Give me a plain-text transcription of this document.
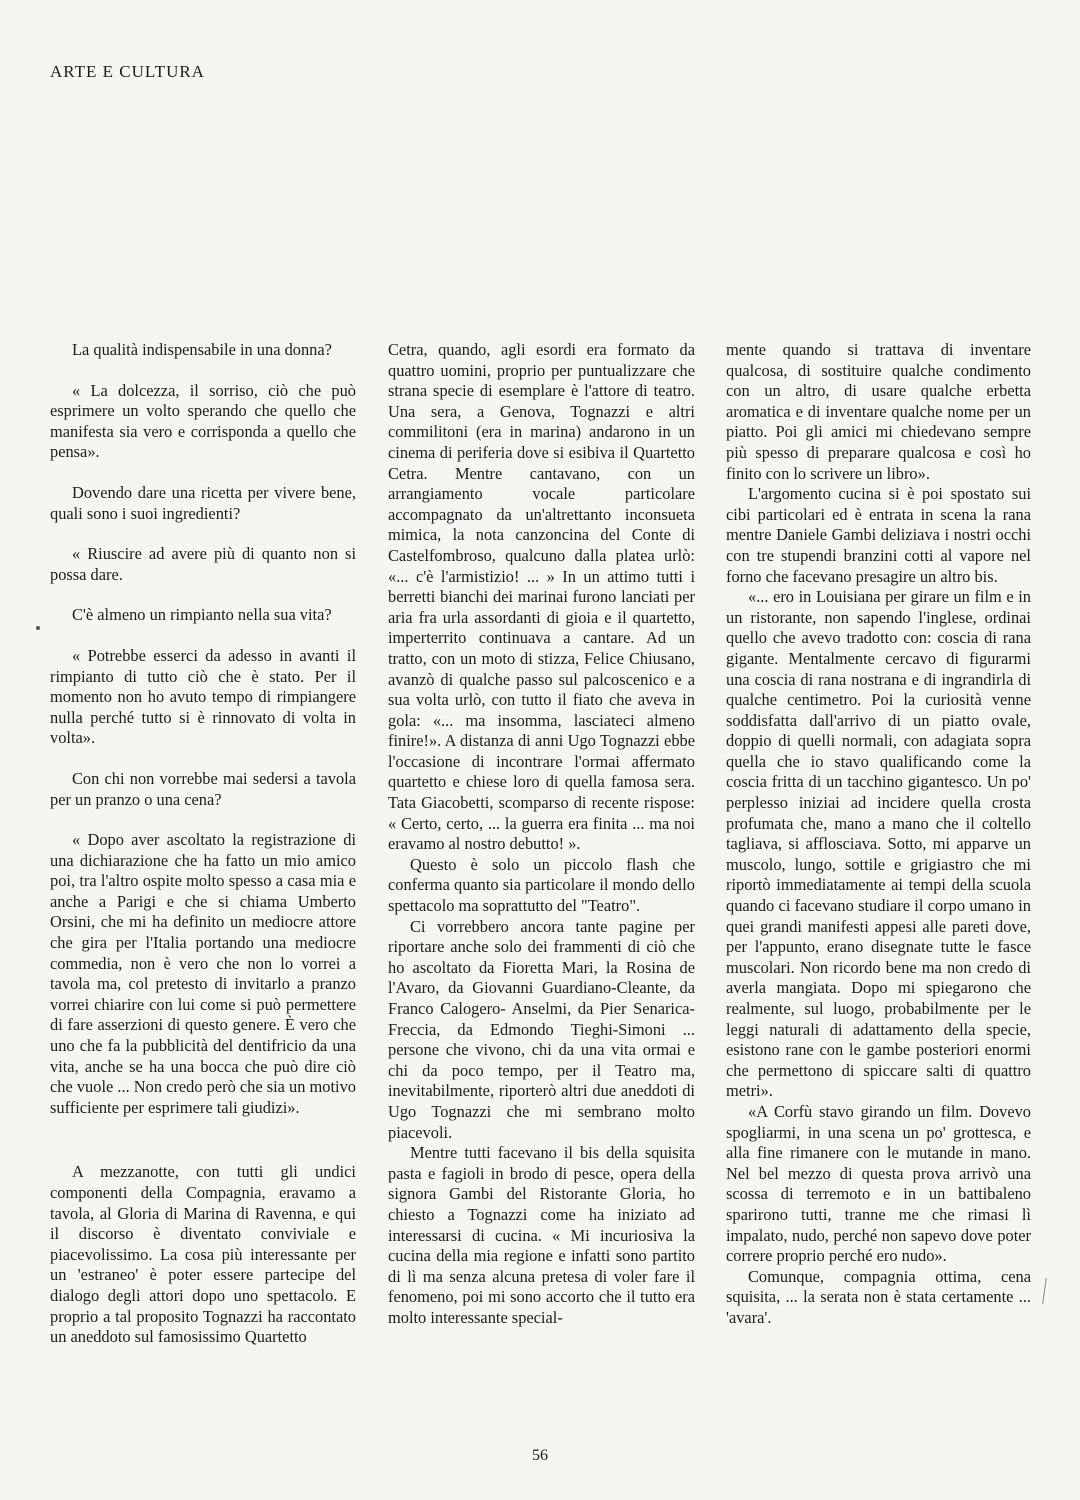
ARTE E CULTURA

La qualità indispensabile in una donna?

« La dolcezza, il sorriso, ciò che può esprimere un volto sperando che quello che manifesta sia vero e corrisponda a quello che pensa».

Dovendo dare una ricetta per vivere bene, quali sono i suoi ingredienti?

« Riuscire ad avere più di quanto non si possa dare.

C'è almeno un rimpianto nella sua vita?

« Potrebbe esserci da adesso in avanti il rimpianto di tutto ciò che è stato. Per il momento non ho avuto tempo di rimpiangere nulla perché tutto si è rinnovato di volta in volta».

Con chi non vorrebbe mai sedersi a tavola per un pranzo o una cena?

« Dopo aver ascoltato la registrazione di una dichiarazione che ha fatto un mio amico poi, tra l'altro ospite molto spesso a casa mia e anche a Parigi e che si chiama Umberto Orsini, che mi ha definito un mediocre attore che gira per l'Italia portando una mediocre commedia, non è vero che non lo vorrei a tavola ma, col pretesto di invitarlo a pranzo vorrei chiarire con lui come si può permettere di fare asserzioni di questo genere. È vero che uno che fa la pubblicità del dentifricio da una vita, anche se ha una bocca che può dire ciò che vuole ... Non credo però che sia un motivo sufficiente per esprimere tali giudizi».

A mezzanotte, con tutti gli undici componenti della Compagnia, eravamo a tavola, al Gloria di Marina di Ravenna, e qui il discorso è diventato conviviale e piacevolissimo. La cosa più interessante per un 'estraneo' è poter essere partecipe del dialogo degli attori dopo uno spettacolo. E proprio a tal proposito Tognazzi ha raccontato un aneddoto sul famosissimo Quartetto

Cetra, quando, agli esordi era formato da quattro uomini, proprio per puntualizzare che strana specie di esemplare è l'attore di teatro. Una sera, a Genova, Tognazzi e altri commilitoni (era in marina) andarono in un cinema di periferia dove si esibiva il Quartetto Cetra. Mentre cantavano, con un arrangiamento vocale particolare accompagnato da un'altrettanto inconsueta mimica, la nota canzoncina del Conte di Castelfombroso, qualcuno dalla platea urlò: «... c'è l'armistizio! ... » In un attimo tutti i berretti bianchi dei marinai furono lanciati per aria fra urla assordanti di gioia e il quartetto, imperterrito continuava a cantare. Ad un tratto, con un moto di stizza, Felice Chiusano, avanzò di qualche passo sul palcoscenico e a sua volta urlò, con tutto il fiato che aveva in gola: «... ma insomma, lasciateci almeno finire!». A distanza di anni Ugo Tognazzi ebbe l'occasione di incontrare l'ormai affermato quartetto e chiese loro di quella famosa sera. Tata Giacobetti, scomparso di recente rispose: « Certo, certo, ... la guerra era finita ... ma noi eravamo al nostro debutto! ».

Questo è solo un piccolo flash che conferma quanto sia particolare il mondo dello spettacolo ma soprattutto del "Teatro".

Ci vorrebbero ancora tante pagine per riportare anche solo dei frammenti di ciò che ho ascoltato da Fioretta Mari, la Rosina de l'Avaro, da Giovanni Guardiano-Cleante, da Franco Calogero- Anselmi, da Pier Senarica-Freccia, da Edmondo Tieghi-Simoni ... persone che vivono, chi da una vita ormai e chi da poco tempo, per il Teatro ma, inevitabilmente, riporterò altri due aneddoti di Ugo Tognazzi che mi sembrano molto piacevoli.

Mentre tutti facevano il bis della squisita pasta e fagioli in brodo di pesce, opera della signora Gambi del Ristorante Gloria, ho chiesto a Tognazzi come ha iniziato ad interessarsi di cucina. « Mi incuriosiva la cucina della mia regione e infatti sono partito di lì ma senza alcuna pretesa di voler fare il fenomeno, poi mi sono accorto che il tutto era molto interessante special-

mente quando si trattava di inventare qualcosa, di sostituire qualche condimento con un altro, di usare qualche erbetta aromatica e di inventare qualche nome per un piatto. Poi gli amici mi chiedevano sempre più spesso di preparare qualcosa e così ho finito con lo scrivere un libro».

L'argomento cucina si è poi spostato sui cibi particolari ed è entrata in scena la rana mentre Daniele Gambi deliziava i nostri occhi con tre stupendi branzini cotti al vapore nel forno che facevano presagire un altro bis.

«... ero in Louisiana per girare un film e in un ristorante, non sapendo l'inglese, ordinai quello che avevo tradotto con: coscia di rana gigante. Mentalmente cercavo di figurarmi una coscia di rana nostrana e di ingrandirla di qualche centimetro. Poi la curiosità venne soddisfatta dall'arrivo di un piatto ovale, doppio di quelli normali, con adagiata sopra quella che io stavo qualificando come la coscia fritta di un tacchino gigantesco. Un po' perplesso iniziai ad incidere quella crosta profumata che, mano a mano che il coltello tagliava, si afflosciava. Sotto, mi apparve un muscolo, lungo, sottile e grigiastro che mi riportò immediatamente ai tempi della scuola quando ci facevano studiare il corpo umano in quei grandi manifesti appesi alle pareti dove, per l'appunto, erano disegnate tutte le fasce muscolari. Non ricordo bene ma non credo di averla mangiata. Dopo mi spiegarono che realmente, sul luogo, probabilmente per le leggi naturali di adattamento della specie, esistono rane con le gambe posteriori enormi che permettono di spiccare salti di quattro metri».

«A Corfù stavo girando un film. Dovevo spogliarmi, in una scena un po' grottesca, e alla fine rimanere con le mutande in mano. Nel bel mezzo di questa prova arrivò una scossa di terremoto e in un battibaleno sparirono tutti, tranne me che rimasi lì impalato, nudo, perché non sapevo dove poter correre proprio perché ero nudo».

Comunque, compagnia ottima, cena squisita, ... la serata non è stata certamente ... 'avara'.

56
